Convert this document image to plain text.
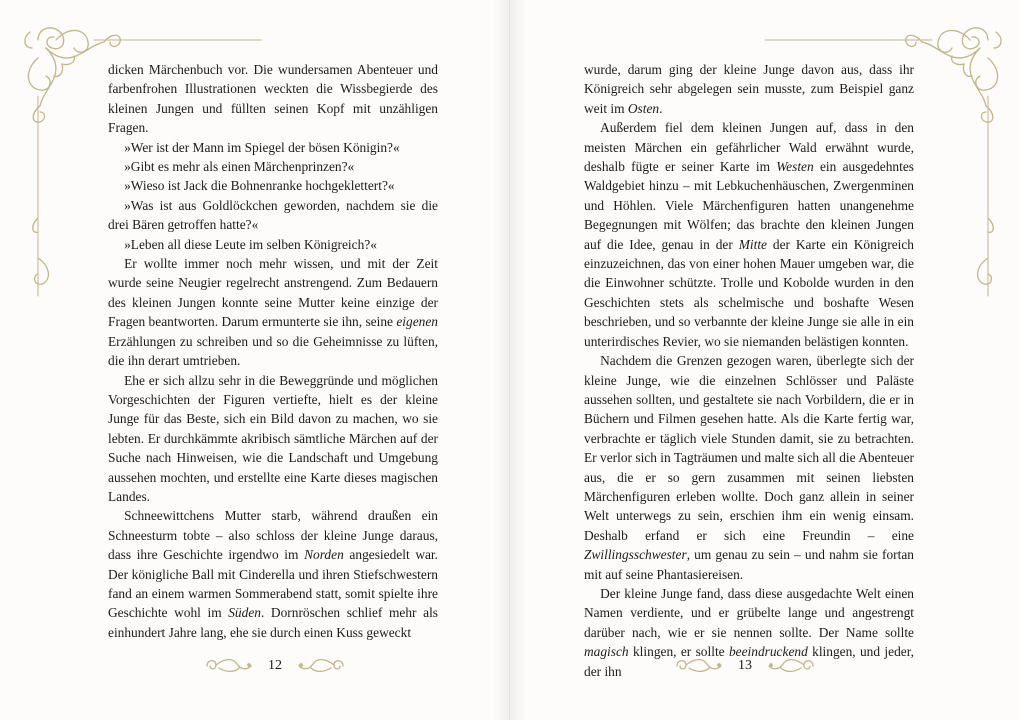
dicken Märchenbuch vor. Die wundersamen Abenteuer und farbenfrohen Illustrationen weckten die Wissbegierde des kleinen Jungen und füllten seinen Kopf mit unzähligen Fragen.

»Wer ist der Mann im Spiegel der bösen Königin?«

»Gibt es mehr als einen Märchenprinzen?«

»Wieso ist Jack die Bohnenranke hochgeklettert?«

»Was ist aus Goldlöckchen geworden, nachdem sie die drei Bären getroffen hatte?«

»Leben all diese Leute im selben Königreich?«

Er wollte immer noch mehr wissen, und mit der Zeit wurde seine Neugier regelrecht anstrengend. Zum Bedauern des kleinen Jungen konnte seine Mutter keine einzige der Fragen beantworten. Darum ermunterte sie ihn, seine eigenen Erzählungen zu schreiben und so die Geheimnisse zu lüften, die ihn derart umtrieben.

Ehe er sich allzu sehr in die Beweggründe und möglichen Vorgeschichten der Figuren vertiefte, hielt es der kleine Junge für das Beste, sich ein Bild davon zu machen, wo sie lebten. Er durchkämmte akribisch sämtliche Märchen auf der Suche nach Hinweisen, wie die Landschaft und Umgebung aussehen mochten, und erstellte eine Karte dieses magischen Landes.

Schneewittchens Mutter starb, während draußen ein Schneesturm tobte – also schloss der kleine Junge daraus, dass ihre Geschichte irgendwo im Norden angesiedelt war. Der königliche Ball mit Cinderella und ihren Stiefschwestern fand an einem warmen Sommerabend statt, somit spielte ihre Geschichte wohl im Süden. Dornröschen schlief mehr als einhundert Jahre lang, ehe sie durch einen Kuss geweckt

12

wurde, darum ging der kleine Junge davon aus, dass ihr Königreich sehr abgelegen sein musste, zum Beispiel ganz weit im Osten.

Außerdem fiel dem kleinen Jungen auf, dass in den meisten Märchen ein gefährlicher Wald erwähnt wurde, deshalb fügte er seiner Karte im Westen ein ausgedehntes Waldgebiet hinzu – mit Lebkuchenhäuschen, Zwergenminen und Höhlen. Viele Märchenfiguren hatten unangenehme Begegnungen mit Wölfen; das brachte den kleinen Jungen auf die Idee, genau in der Mitte der Karte ein Königreich einzuzeichnen, das von einer hohen Mauer umgeben war, die die Einwohner schützte. Trolle und Kobolde wurden in den Geschichten stets als schelmische und boshafte Wesen beschrieben, und so verbannte der kleine Junge sie alle in ein unterirdisches Revier, wo sie niemanden belästigen konnten.

Nachdem die Grenzen gezogen waren, überlegte sich der kleine Junge, wie die einzelnen Schlösser und Paläste aussehen sollten, und gestaltete sie nach Vorbildern, die er in Büchern und Filmen gesehen hatte. Als die Karte fertig war, verbrachte er täglich viele Stunden damit, sie zu betrachten. Er verlor sich in Tagträumen und malte sich all die Abenteuer aus, die er so gern zusammen mit seinen liebsten Märchenfiguren erleben wollte. Doch ganz allein in seiner Welt unterwegs zu sein, erschien ihm ein wenig einsam. Deshalb erfand er sich eine Freundin – eine Zwillingsschwester, um genau zu sein – und nahm sie fortan mit auf seine Phantasiereisen.

Der kleine Junge fand, dass diese ausgedachte Welt einen Namen verdiente, und er grübelte lange und angestrengt darüber nach, wie er sie nennen sollte. Der Name sollte magisch klingen, er sollte beeindruckend klingen, und jeder, der ihn	13
